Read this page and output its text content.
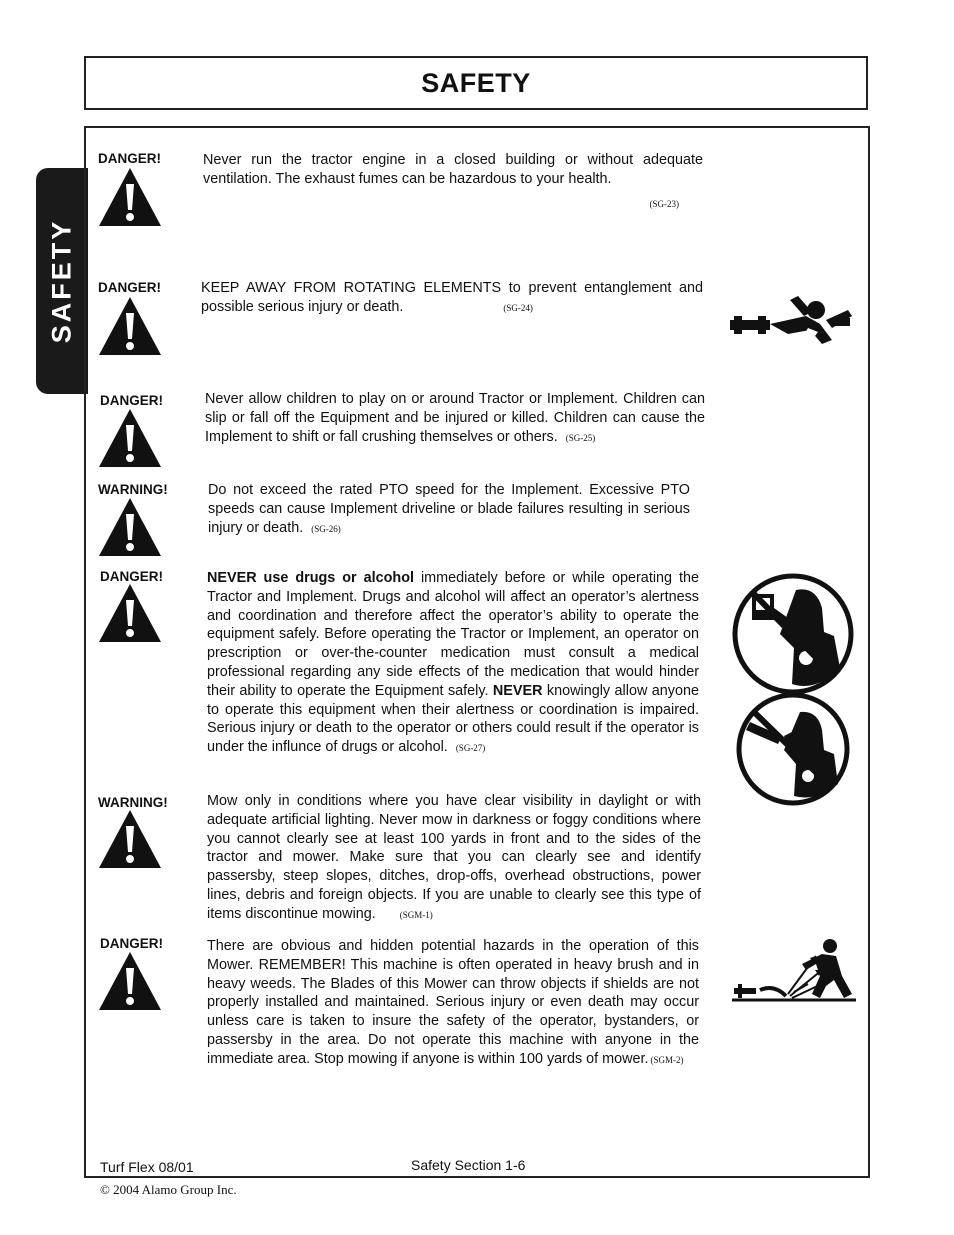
SAFETY
SAFETY
DANGER!	Never run the tractor engine in a closed building or without adequate ventilation. The exhaust fumes can be hazardous to your health.
(SG-23)
DANGER!	KEEP AWAY FROM ROTATING ELEMENTS to prevent entanglement and possible serious injury or death.	(SG-24)
DANGER!	Never allow children to play on or around Tractor or Implement. Children can slip or fall off the Equipment and be injured or killed. Children can cause the Implement to shift or fall crushing themselves or others. (SG-25)
WARNING!	Do not exceed the rated PTO speed for the Implement. Excessive PTO speeds can cause Implement driveline or blade failures resulting in serious injury or death. (SG-26)
DANGER!	NEVER use drugs or alcohol immediately before or while operating the Tractor and Implement. Drugs and alcohol will affect an operator’s alertness and coordination and therefore affect the operator’s ability to operate the equipment safely. Before operating the Tractor or Implement, an operator on prescription or over-the-counter medication must consult a medical professional regarding any side effects of the medication that would hinder their ability to operate the Equipment safely. NEVER knowingly allow anyone to operate this equipment when their alertness or coordination is impaired. Serious injury or death to the operator or others could result if the operator is under the influnce of drugs or alcohol. (SG-27)
WARNING!	Mow only in conditions where you have clear visibility in daylight or with adequate artificial lighting. Never mow in darkness or foggy conditions where you cannot clearly see at least 100 yards in front and to the sides of the tractor and mower. Make sure that you can clearly see and identify passersby, steep slopes, ditches, drop-offs, overhead obstructions, power lines, debris and foreign objects. If you are unable to clearly see this type of items discontinue mowing.	(SGM-1)
DANGER!	There are obvious and hidden potential hazards in the operation of this Mower. REMEMBER! This machine is often operated in heavy brush and in heavy weeds. The Blades of this Mower can throw objects if shields are not properly installed and maintained. Serious injury or even death may occur unless care is taken to insure the safety of the operator, bystanders, or passersby in the area. Do not operate this machine with anyone in the immediate area. Stop mowing if anyone is within 100 yards of mower. (SGM-2)
Turf Flex 08/01	Safety Section 1-6
© 2004 Alamo Group Inc.
